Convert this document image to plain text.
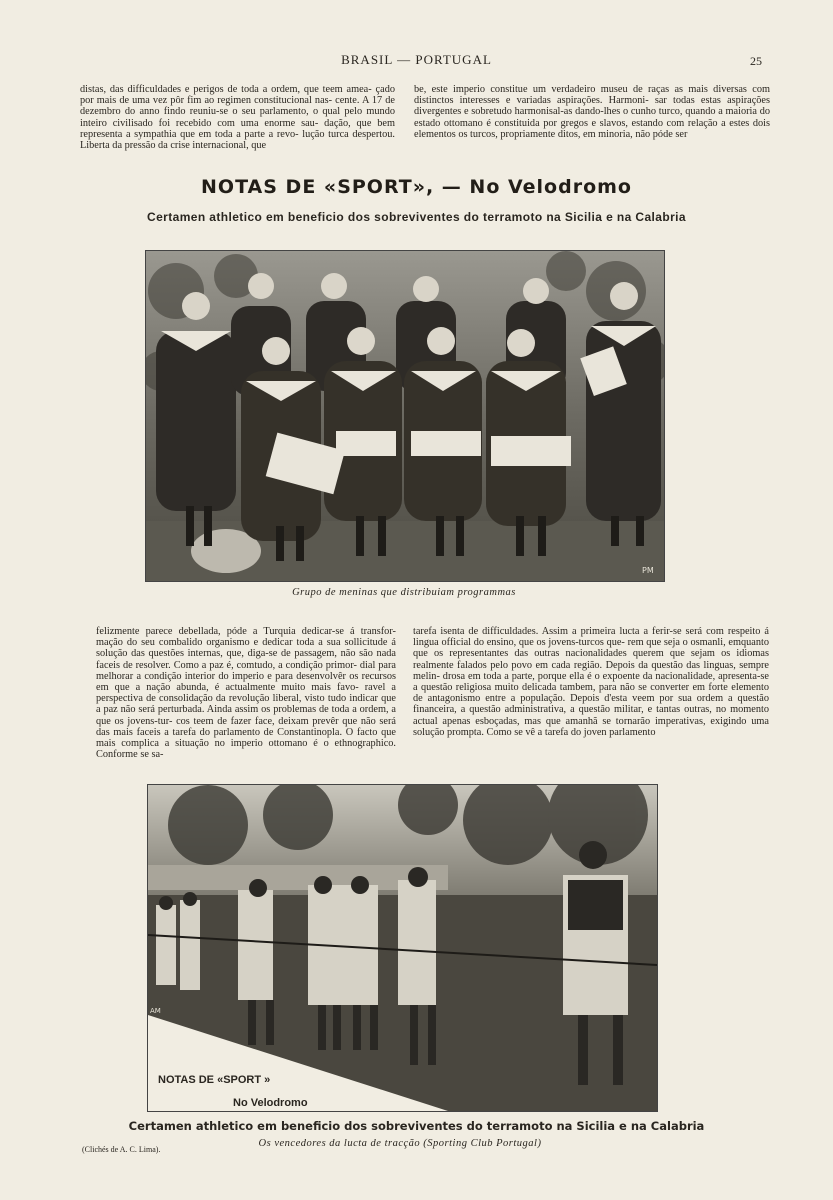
BRASIL — PORTUGAL	25
distas, das difficuldades e perigos de toda a ordem, que teem amea- çado por mais de uma vez pôr fim ao regimen constitucional nas- cente. A 17 de dezembro do anno findo reuniu-se o seu parlamento, o qual pelo mundo inteiro civilisado foi recebido com uma enorme sau- dação, que bem representa a sympathia que em toda a parte a revo- lução turca despertou. Liberta da pressão da crise internacional, que
be, este imperio constitue um verdadeiro museu de raças as mais diversas com distinctos interesses e variadas aspirações. Harmoni- sar todas estas aspirações divergentes e sobretudo harmonisal-as dando-lhes o cunho turco, quando a maioria do estado ottomano é constituida por gregos e slavos, estando com relação a estes dois elementos os turcos, propriamente ditos, em minoria, não póde ser
NOTAS DE «SPORT», — No Velodromo
Certamen athletico em beneficio dos sobreviventes do terramoto na Sicilia e na Calabria
PM
Grupo de meninas que distribuiam programmas
felizmente parece debellada, póde a Turquia dedicar-se á transfor- mação do seu combalido organismo e dedicar toda a sua sollicitude á solução das questões internas, que, diga-se de passagem, não são nada faceis de resolver. Como a paz é, comtudo, a condição primor- dial para melhorar a condição interior do imperio e para desenvolvêr os recursos em que a nação abunda, é actualmente muito mais favo- ravel a perspectiva de consolidação da revolução liberal, visto tudo indicar que a paz não será perturbada. Ainda assim os problemas de toda a ordem, a que os jovens-tur- cos teem de fazer face, deixam prevêr que não será das mais faceis a tarefa do parlamento de Constantinopla. O facto que mais complica a situação no imperio ottomano é o ethnographico. Conforme se sa-
tarefa isenta de difficuldades. Assim a primeira lucta a ferir-se será com respeito á lingua official do ensino, que os jovens-turcos que- rem que seja o osmanli, emquanto que os representantes das outras nacionalidades querem que sejam os idiomas realmente falados pelo povo em cada região. Depois da questão das linguas, sempre melin- drosa em toda a parte, porque ella é o expoente da nacionalidade, apresenta-se a questão religiosa muito delicada tambem, para não se converter em forte elemento de antagonismo entre a população. Depois d'esta veem por sua ordem a questão financeira, a questão administrativa, a questão militar, e tantas outras, no momento actual apenas esboçadas, mas que amanhã se tornarão imperativas, exigindo uma solução prompta. Como se vê a tarefa do joven parlamento
AM
NOTAS DE «SPORT »
No Velodromo
Certamen athletico em beneficio dos sobreviventes do terramoto na Sicilia e na Calabria
(Clichés de A. C. Lima).
Os vencedores da lucta de tracção (Sporting Club Portugal)
